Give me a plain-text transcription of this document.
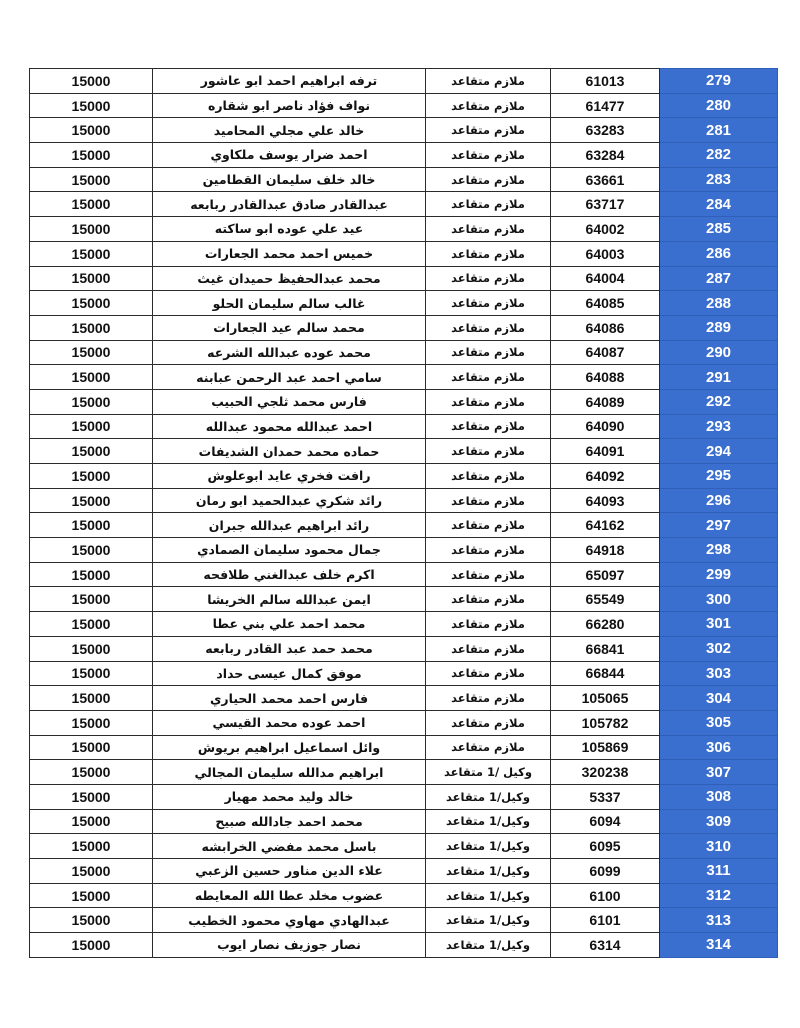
15000	ترفه ابراهيم احمد ابو عاشور	ملازم متقاعد	61013	279
15000	نواف فؤاد ناصر ابو شقاره	ملازم متقاعد	61477	280
15000	خالد علي مجلي المحاميد	ملازم متقاعد	63283	281
15000	احمد ضرار يوسف ملكاوي	ملازم متقاعد	63284	282
15000	خالد خلف سليمان القطامين	ملازم متقاعد	63661	283
15000	عبدالقادر صادق عبدالقادر ربابعه	ملازم متقاعد	63717	284
15000	عيد علي عوده ابو ساكته	ملازم متقاعد	64002	285
15000	خميس احمد محمد الجعارات	ملازم متقاعد	64003	286
15000	محمد عبدالحفيظ حميدان غيث	ملازم متقاعد	64004	287
15000	غالب سالم سليمان الحلو	ملازم متقاعد	64085	288
15000	محمد سالم عيد الجعارات	ملازم متقاعد	64086	289
15000	محمد عوده عبدالله الشرعه	ملازم متقاعد	64087	290
15000	سامي احمد عبد الرحمن عبابنه	ملازم متقاعد	64088	291
15000	فارس محمد ثلجي الحبيب	ملازم متقاعد	64089	292
15000	احمد عبدالله محمود عبدالله	ملازم متقاعد	64090	293
15000	حماده محمد حمدان الشديفات	ملازم متقاعد	64091	294
15000	رافت فخري عايد ابوعلوش	ملازم متقاعد	64092	295
15000	رائد شكري عبدالحميد ابو رمان	ملازم متقاعد	64093	296
15000	رائد ابراهيم عبدالله جبران	ملازم متقاعد	64162	297
15000	جمال محمود سليمان الصمادي	ملازم متقاعد	64918	298
15000	اكرم خلف عبدالغني طلافحه	ملازم متقاعد	65097	299
15000	ايمن عبدالله سالم الخريشا	ملازم متقاعد	65549	300
15000	محمد احمد علي بني عطا	ملازم متقاعد	66280	301
15000	محمد حمد عبد القادر ربابعه	ملازم متقاعد	66841	302
15000	موفق كمال عيسى حداد	ملازم متقاعد	66844	303
15000	فارس احمد محمد الحياري	ملازم متقاعد	105065	304
15000	احمد عوده محمد القيسي	ملازم متقاعد	105782	305
15000	وائل اسماعيل ابراهيم بريوش	ملازم متقاعد	105869	306
15000	ابراهيم مدالله سليمان المجالي	وكيل /1 متقاعد	320238	307
15000	خالد وليد محمد مهيار	وكيل/1 متقاعد	5337	308
15000	محمد احمد جادالله صبيح	وكيل/1 متقاعد	6094	309
15000	باسل محمد مفضي الخرابشه	وكيل/1 متقاعد	6095	310
15000	علاء الدين مناور حسين الزعبي	وكيل/1 متقاعد	6099	311
15000	عضوب مخلد عطا الله المعايطه	وكيل/1 متقاعد	6100	312
15000	عبدالهادي مهاوي محمود الخطيب	وكيل/1 متقاعد	6101	313
15000	نصار جوزيف نصار ايوب	وكيل/1 متقاعد	6314	314
